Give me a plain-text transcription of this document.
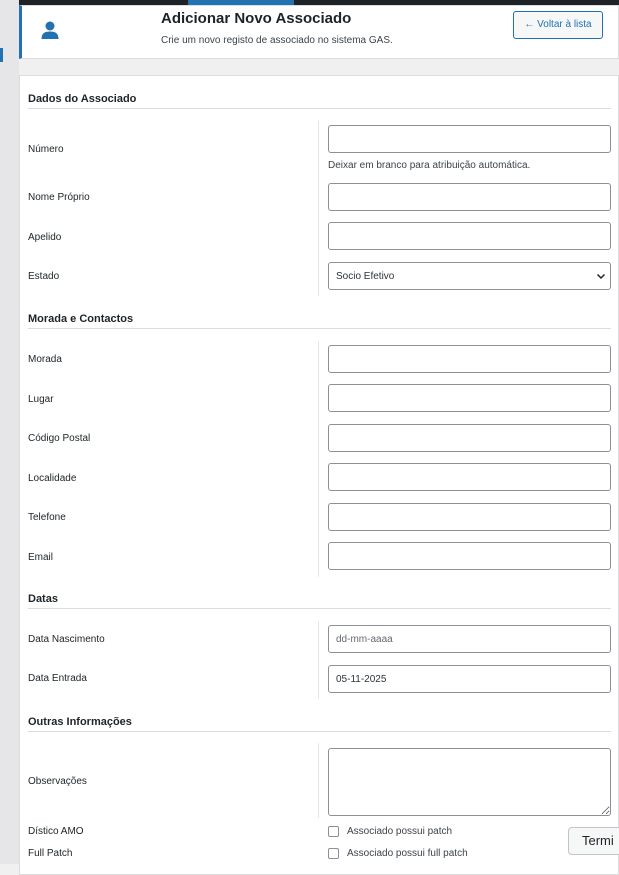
Adicionar Novo Associado
Crie um novo registo de associado no sistema GAS.
← Voltar à lista
Dados do Associado
Número
Deixar em branco para atribuição automática.
Nome Próprio
Apelido
Estado
Socio Efetivo
Morada e Contactos
Morada
Lugar
Código Postal
Localidade
Telefone
Email
Datas
Data Nascimento
dd-mm-aaaa
Data Entrada
05-11-2025
Outras Informações
Observações
Dístico AMO	Associado possui patch
Full Patch	Associado possui full patch
Termi
